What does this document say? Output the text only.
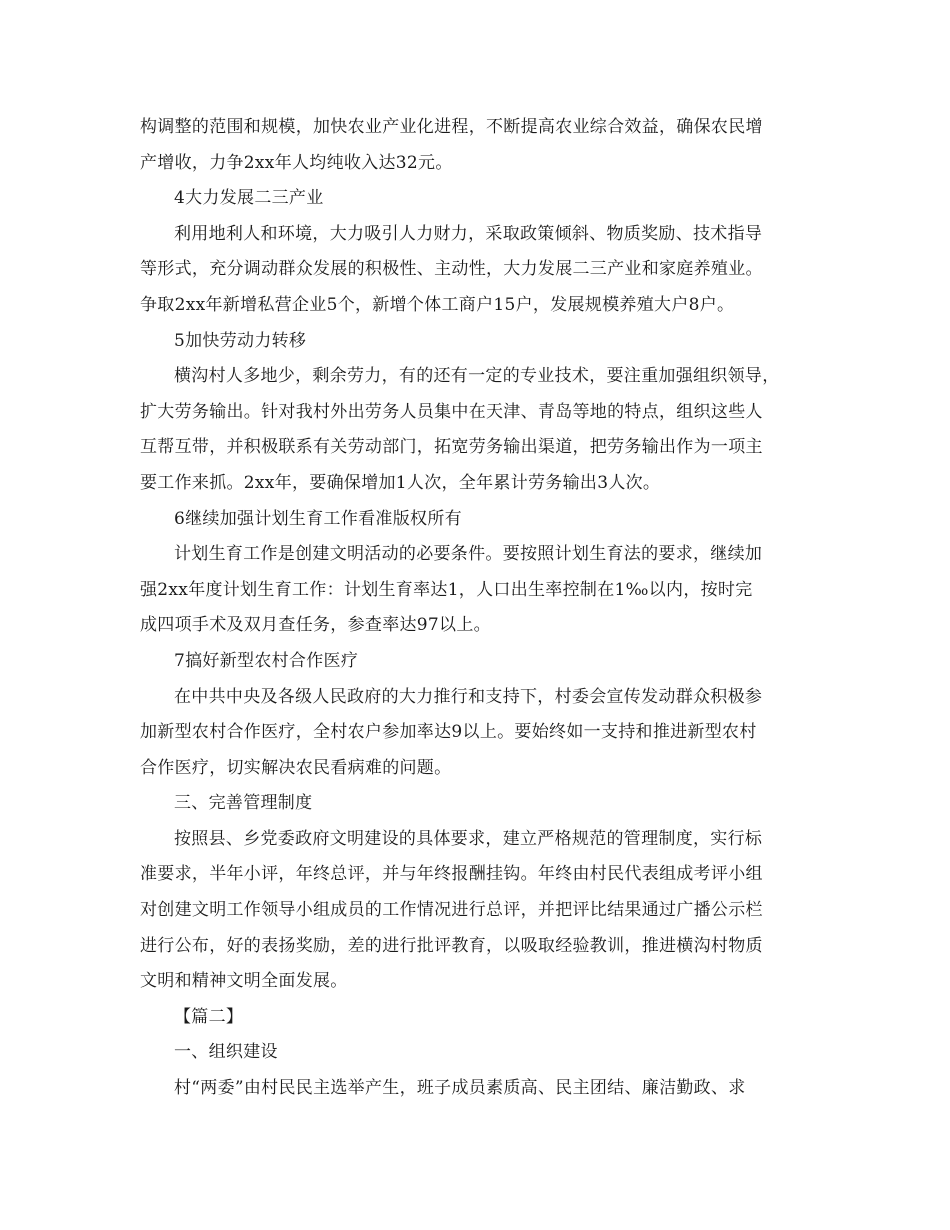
构调整的范围和规模，加快农业产业化进程，不断提高农业综合效益，确保农民增
产增收，力争2xx年人均纯收入达32元。
4大力发展二三产业
利用地利人和环境，大力吸引人力财力，采取政策倾斜、物质奖励、技术指导
等形式，充分调动群众发展的积极性、主动性，大力发展二三产业和家庭养殖业。
争取2xx年新增私营企业5个，新增个体工商户15户，发展规模养殖大户8户。
5加快劳动力转移
横沟村人多地少，剩余劳力，有的还有一定的专业技术，要注重加强组织领导，
扩大劳务输出。针对我村外出劳务人员集中在天津、青岛等地的特点，组织这些人
互帮互带，并积极联系有关劳动部门，拓宽劳务输出渠道，把劳务输出作为一项主
要工作来抓。2xx年，要确保增加1人次，全年累计劳务输出3人次。
6继续加强计划生育工作看准版权所有
计划生育工作是创建文明活动的必要条件。要按照计划生育法的要求，继续加
强2xx年度计划生育工作：计划生育率达1，人口出生率控制在1‰以内，按时完
成四项手术及双月查任务，参查率达97以上。
7搞好新型农村合作医疗
在中共中央及各级人民政府的大力推行和支持下，村委会宣传发动群众积极参
加新型农村合作医疗，全村农户参加率达9以上。要始终如一支持和推进新型农村
合作医疗，切实解决农民看病难的问题。
三、完善管理制度
按照县、乡党委政府文明建设的具体要求，建立严格规范的管理制度，实行标
准要求，半年小评，年终总评，并与年终报酬挂钩。年终由村民代表组成考评小组
对创建文明工作领导小组成员的工作情况进行总评，并把评比结果通过广播公示栏
进行公布，好的表扬奖励，差的进行批评教育，以吸取经验教训，推进横沟村物质
文明和精神文明全面发展。
【篇二】
一、组织建设
村“两委”由村民民主选举产生，班子成员素质高、民主团结、廉洁勤政、求
